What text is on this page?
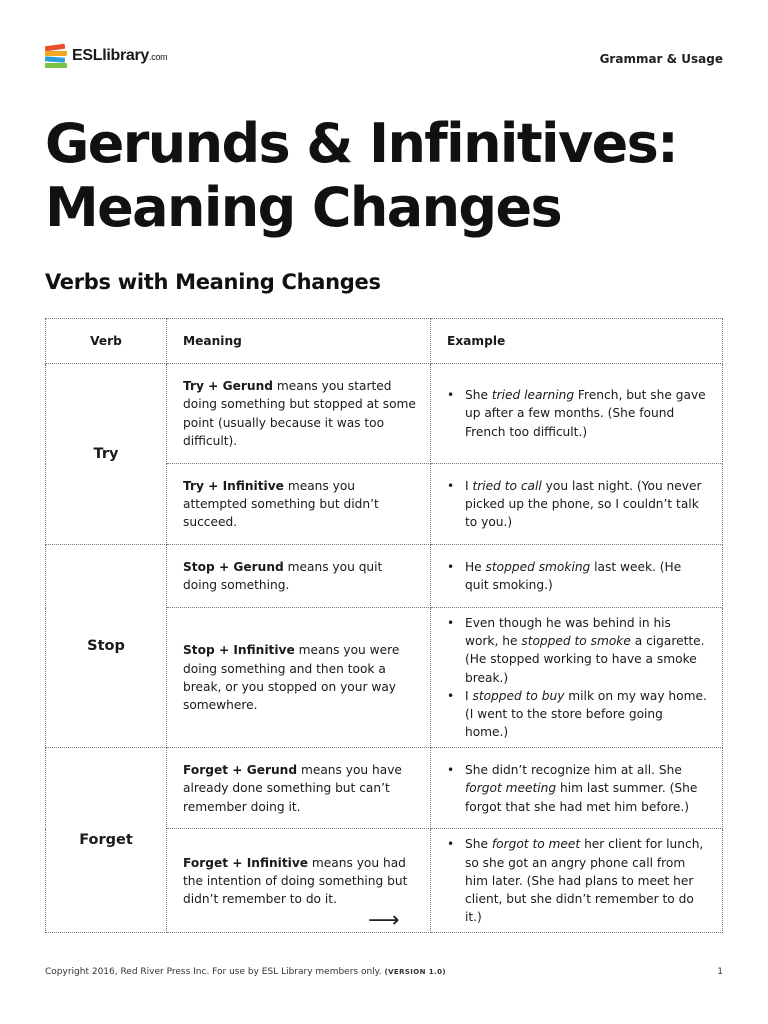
ESLlibrary.com	Grammar & Usage
Gerunds & Infinitives:
Meaning Changes
Verbs with Meaning Changes
Verb	Meaning	Example
Try	Try + Gerund means you started doing something but stopped at some point (usually because it was too difficult).	• She tried learning French, but she gave up after a few months. (She found French too difficult.)

	Try + Infinitive means you attempted something but didn’t succeed.	• I tried to call you last night. (You never picked up the phone, so I couldn’t talk to you.)

Stop	Stop + Gerund means you quit doing something.	• He stopped smoking last week. (He quit smoking.)

	Stop + Infinitive means you were doing something and then took a break, or you stopped on your way somewhere.	• Even though he was behind in his work, he stopped to smoke a cigarette. (He stopped working to have a smoke break.)
• I stopped to buy milk on my way home. (I went to the store before going home.)

Forget	Forget + Gerund means you have already done something but can’t remember doing it.	• She didn’t recognize him at all. She forgot meeting him last summer. (She forgot that she had met him before.)

	Forget + Infinitive means you had the intention of doing something but didn’t remember to do it.	• She forgot to meet her client for lunch, so she got an angry phone call from him later. (She had plans to meet her client, but she didn’t remember to do it.)
⟶
Copyright 2016, Red River Press Inc. For use by ESL Library members only. (VERSION 1.0)	1
